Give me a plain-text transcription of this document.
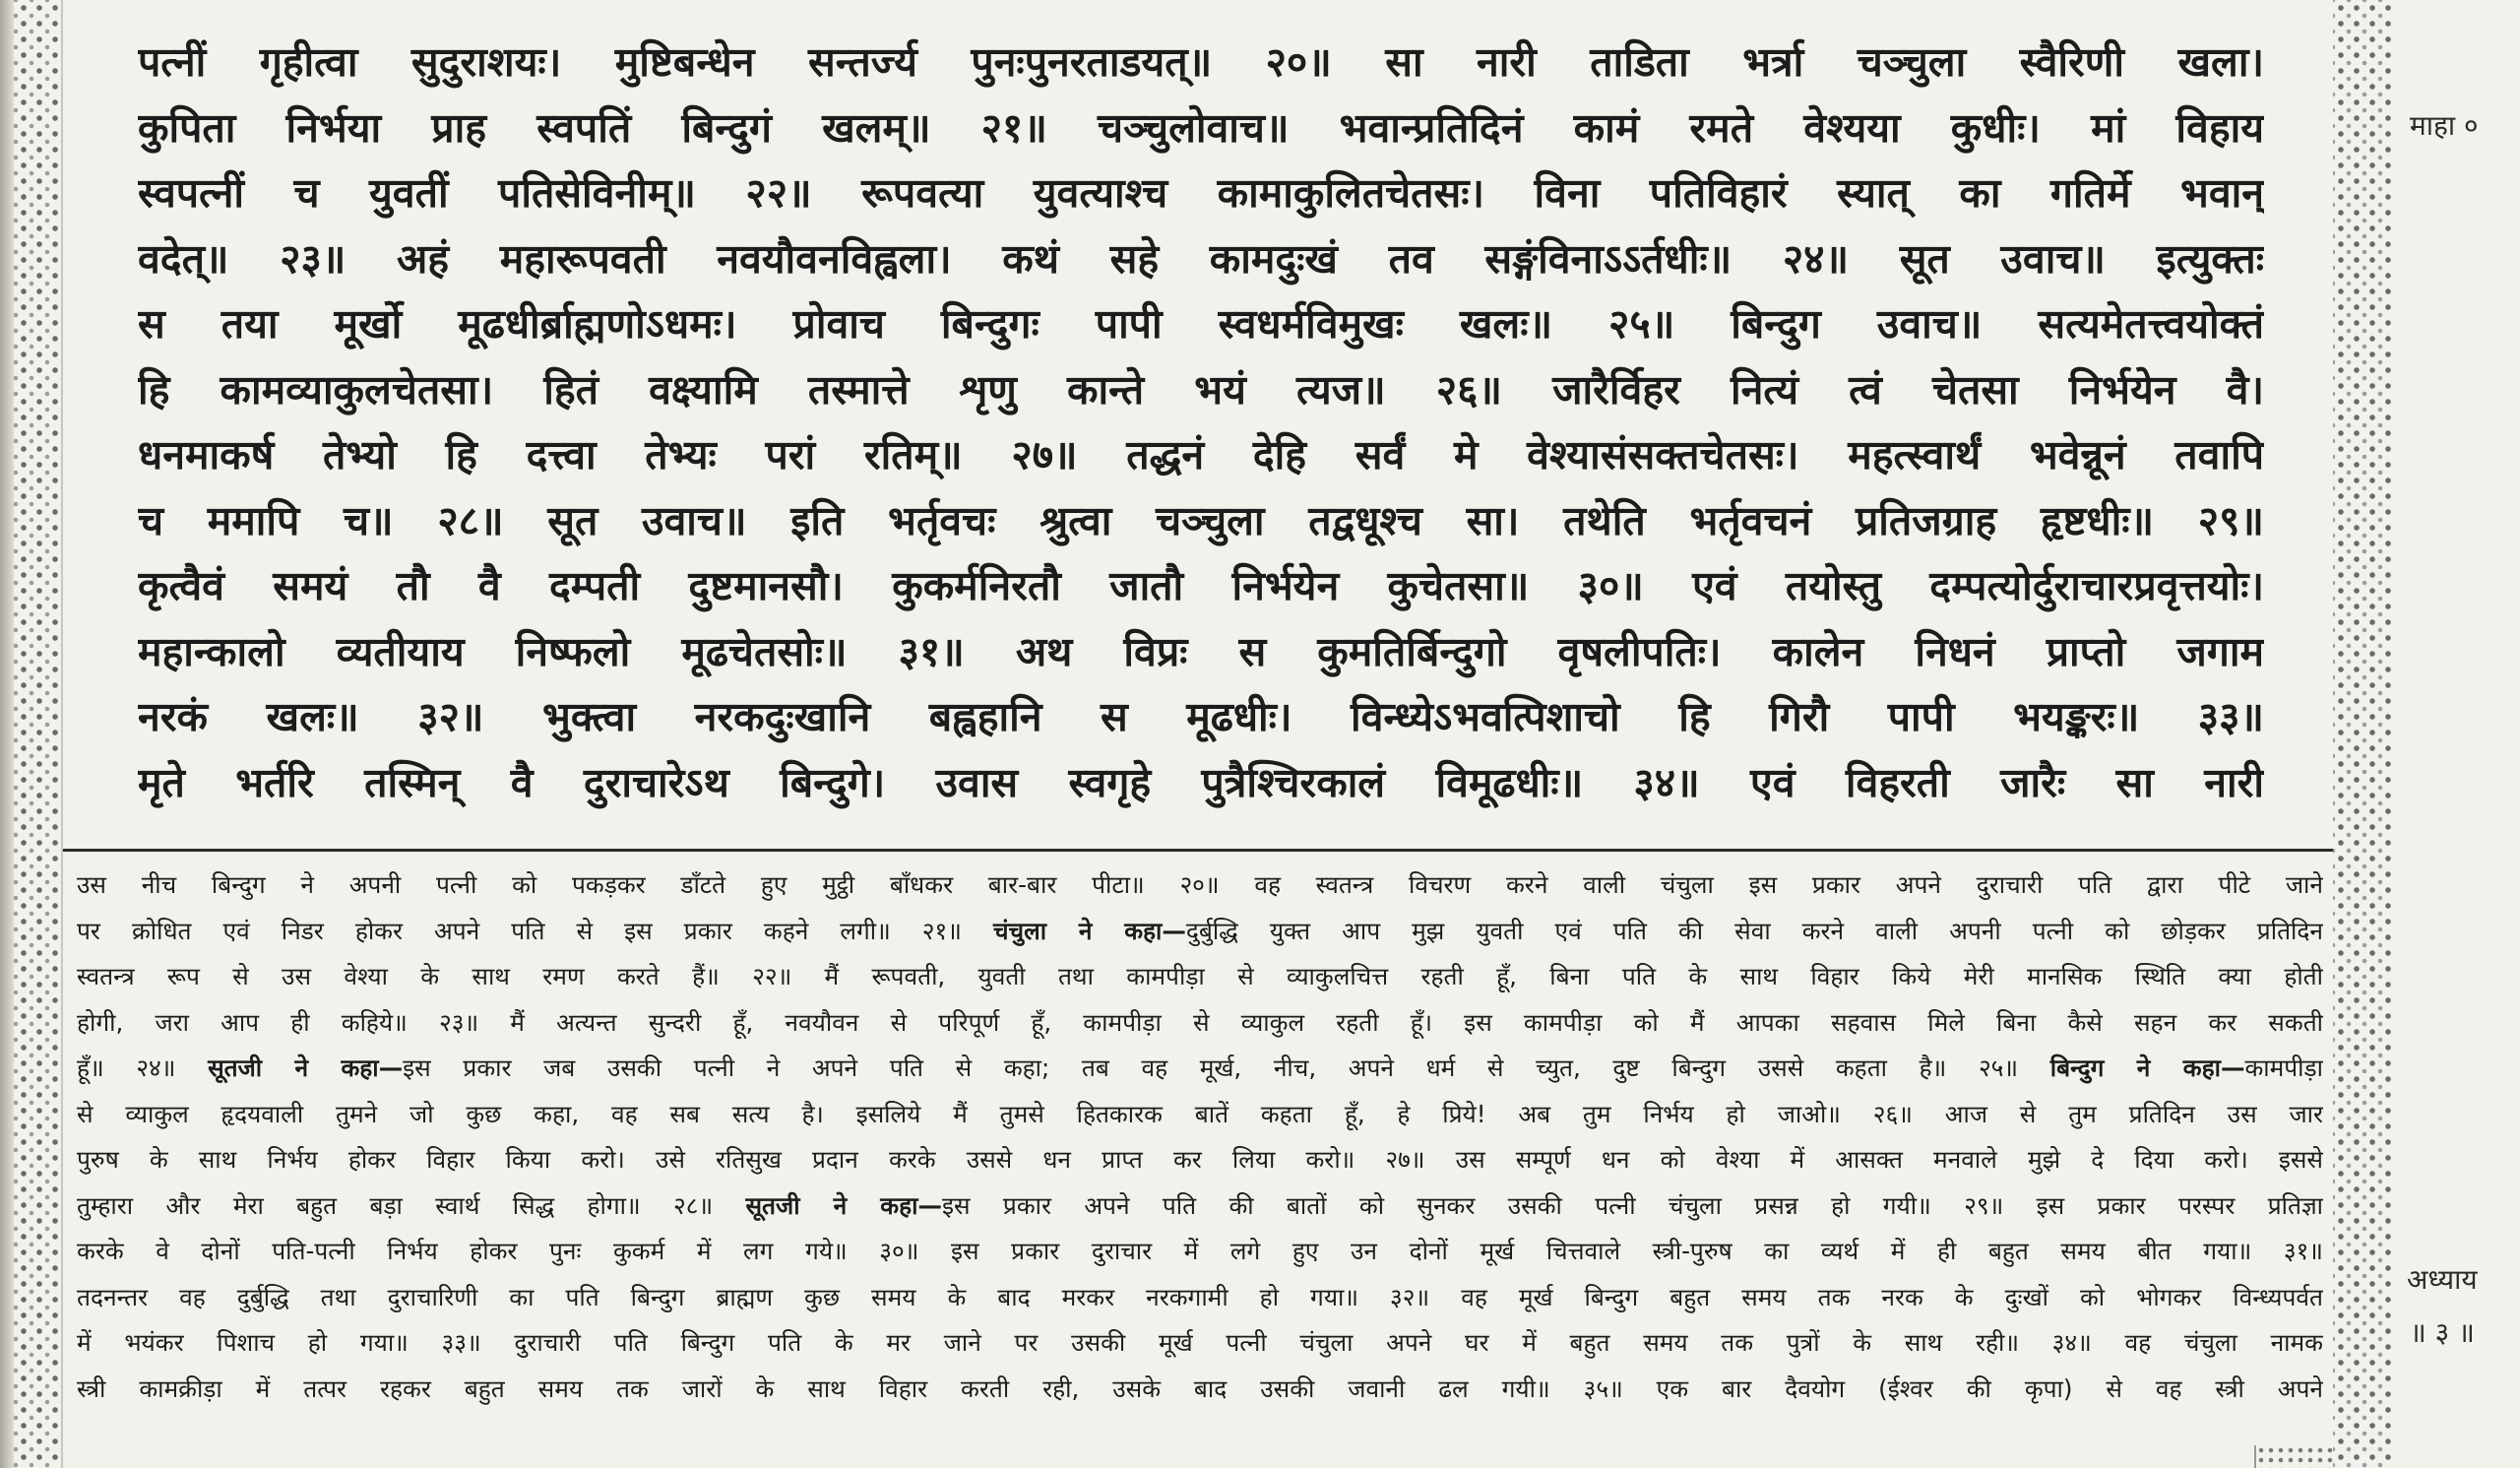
पत्नीं गृहीत्वा सुदुराशयः। मुष्टिबन्धेन सन्तर्ज्य पुनःपुनरताडयत्॥ २०॥ सा नारी ताडिता भर्त्रा चञ्चुला स्वैरिणी खला।
कुपिता निर्भया प्राह स्वपतिं बिन्दुगं खलम्॥ २१॥ चञ्चुलोवाच॥ भवान्प्रतिदिनं कामं रमते वेश्यया कुधीः। मां विहाय
स्वपत्नीं च युवतीं पतिसेविनीम्॥ २२॥ रूपवत्या युवत्याश्च कामाकुलितचेतसः। विना पतिविहारं स्यात् का गतिर्मे भवान्
वदेत्॥ २३॥ अहं महारूपवती नवयौवनविह्वला। कथं सहे कामदुःखं तव सङ्गंविनाऽऽर्तधीः॥ २४॥ सूत उवाच॥ इत्युक्तः
स तया मूर्खो मूढधीर्ब्राह्मणोऽधमः। प्रोवाच बिन्दुगः पापी स्वधर्मविमुखः खलः॥ २५॥ बिन्दुग उवाच॥ सत्यमेतत्त्वयोक्तं
हि कामव्याकुलचेतसा। हितं वक्ष्यामि तस्मात्ते शृणु कान्ते भयं त्यज॥ २६॥ जारैर्विहर नित्यं त्वं चेतसा निर्भयेन वै।
धनमाकर्ष तेभ्यो हि दत्त्वा तेभ्यः परां रतिम्॥ २७॥ तद्धनं देहि सर्वं मे वेश्यासंसक्तचेतसः। महत्स्वार्थं भवेन्नूनं तवापि
च ममापि च॥ २८॥ सूत उवाच॥ इति भर्तृवचः श्रुत्वा चञ्चुला तद्वधूश्च सा। तथेति भर्तृवचनं प्रतिजग्राह हृष्टधीः॥ २९॥
कृत्वैवं समयं तौ वै दम्पती दुष्टमानसौ। कुकर्मनिरतौ जातौ निर्भयेन कुचेतसा॥ ३०॥ एवं तयोस्तु दम्पत्योर्दुराचारप्रवृत्तयोः।
महान्कालो व्यतीयाय निष्फलो मूढचेतसोः॥ ३१॥ अथ विप्रः स कुमतिर्बिन्दुगो वृषलीपतिः। कालेन निधनं प्राप्तो जगाम
नरकं खलः॥ ३२॥ भुक्त्वा नरकदुःखानि बह्वहानि स मूढधीः। विन्ध्येऽभवत्पिशाचो हि गिरौ पापी भयङ्करः॥ ३३॥
मृते भर्तरि तस्मिन् वै दुराचारेऽथ बिन्दुगे। उवास स्वगृहे पुत्रैश्चिरकालं विमूढधीः॥ ३४॥ एवं विहरती जारैः सा नारी
उस नीच बिन्दुग ने अपनी पत्नी को पकड़कर डाँटते हुए मुट्ठी बाँधकर बार-बार पीटा॥ २०॥ वह स्वतन्त्र विचरण करने वाली चंचुला इस प्रकार अपने दुराचारी पति द्वारा पीटे जाने
पर क्रोधित एवं निडर होकर अपने पति से इस प्रकार कहने लगी॥ २१॥ चंचुला ने कहा—दुर्बुद्धि युक्त आप मुझ युवती एवं पति की सेवा करने वाली अपनी पत्नी को छोड़कर प्रतिदिन
स्वतन्त्र रूप से उस वेश्या के साथ रमण करते हैं॥ २२॥ मैं रूपवती, युवती तथा कामपीड़ा से व्याकुलचित्त रहती हूँ, बिना पति के साथ विहार किये मेरी मानसिक स्थिति क्या होती
होगी, जरा आप ही कहिये॥ २३॥ मैं अत्यन्त सुन्दरी हूँ, नवयौवन से परिपूर्ण हूँ, कामपीड़ा से व्याकुल रहती हूँ। इस कामपीड़ा को मैं आपका सहवास मिले बिना कैसे सहन कर सकती
हूँ॥ २४॥ सूतजी ने कहा—इस प्रकार जब उसकी पत्नी ने अपने पति से कहा; तब वह मूर्ख, नीच, अपने धर्म से च्युत, दुष्ट बिन्दुग उससे कहता है॥ २५॥ बिन्दुग ने कहा—कामपीड़ा
से व्याकुल हृदयवाली तुमने जो कुछ कहा, वह सब सत्य है। इसलिये मैं तुमसे हितकारक बातें कहता हूँ, हे प्रिये! अब तुम निर्भय हो जाओ॥ २६॥ आज से तुम प्रतिदिन उस जार
पुरुष के साथ निर्भय होकर विहार किया करो। उसे रतिसुख प्रदान करके उससे धन प्राप्त कर लिया करो॥ २७॥ उस सम्पूर्ण धन को वेश्या में आसक्त मनवाले मुझे दे दिया करो। इससे
तुम्हारा और मेरा बहुत बड़ा स्वार्थ सिद्ध होगा॥ २८॥ सूतजी ने कहा—इस प्रकार अपने पति की बातों को सुनकर उसकी पत्नी चंचुला प्रसन्न हो गयी॥ २९॥ इस प्रकार परस्पर प्रतिज्ञा
करके वे दोनों पति-पत्नी निर्भय होकर पुनः कुकर्म में लग गये॥ ३०॥ इस प्रकार दुराचार में लगे हुए उन दोनों मूर्ख चित्तवाले स्त्री-पुरुष का व्यर्थ में ही बहुत समय बीत गया॥ ३१॥
तदनन्तर वह दुर्बुद्धि तथा दुराचारिणी का पति बिन्दुग ब्राह्मण कुछ समय के बाद मरकर नरकगामी हो गया॥ ३२॥ वह मूर्ख बिन्दुग बहुत समय तक नरक के दुःखों को भोगकर विन्ध्यपर्वत
में भयंकर पिशाच हो गया॥ ३३॥ दुराचारी पति बिन्दुग पति के मर जाने पर उसकी मूर्ख पत्नी चंचुला अपने घर में बहुत समय तक पुत्रों के साथ रही॥ ३४॥ वह चंचुला नामक
स्त्री कामक्रीड़ा में तत्पर रहकर बहुत समय तक जारों के साथ विहार करती रही, उसके बाद उसकी जवानी ढल गयी॥ ३५॥ एक बार दैवयोग (ईश्वर की कृपा) से वह स्त्री अपने
माहा ०
अध्याय
॥ ३ ॥
